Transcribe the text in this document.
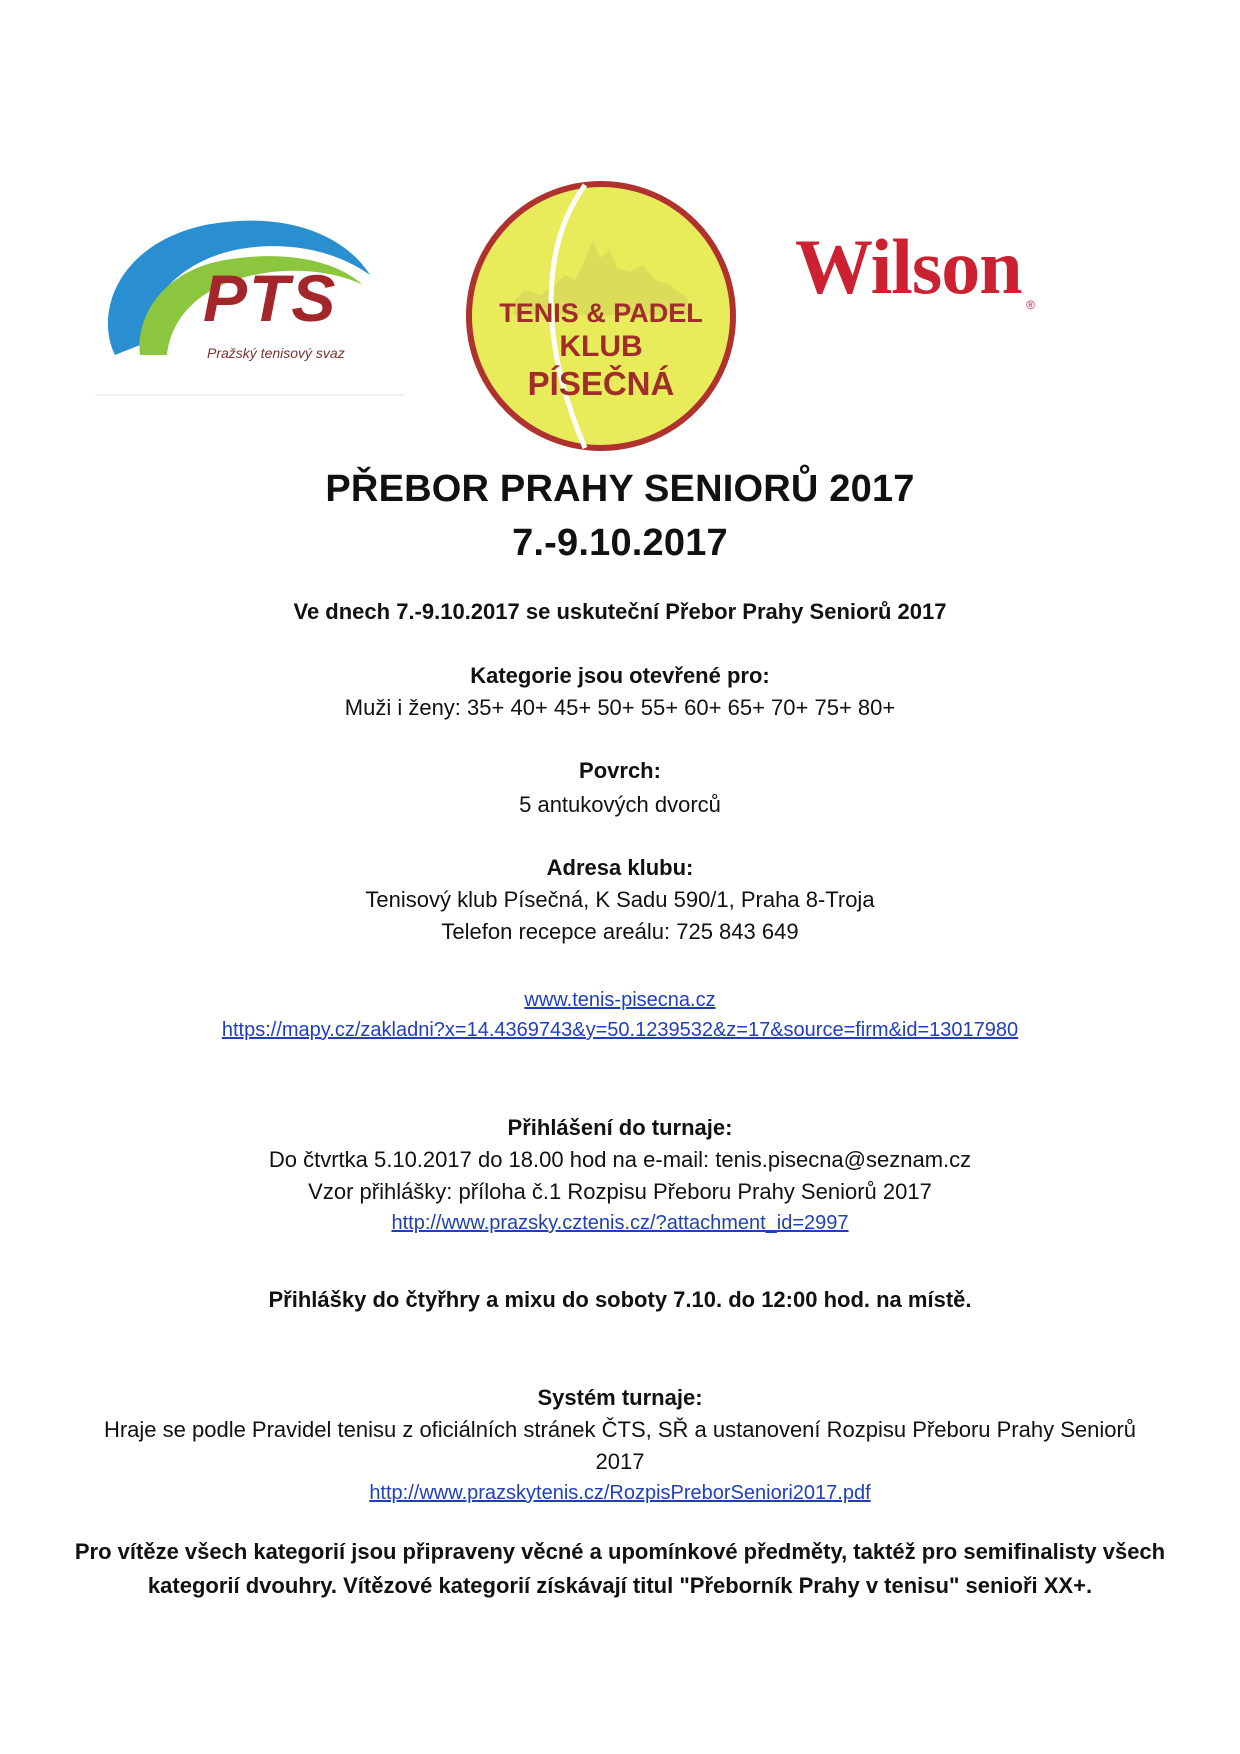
PTS
Pražský tenisový svaz
TENIS & PADEL
KLUB
PÍSEČNÁ
Wilson ®
PŘEBOR PRAHY SENIORŮ 2017
7.-9.10.2017
Ve dnech 7.-9.10.2017 se uskuteční Přebor Prahy Seniorů 2017
Kategorie jsou otevřené pro:
Muži i ženy: 35+ 40+ 45+ 50+ 55+ 60+ 65+ 70+ 75+ 80+
Povrch:
5 antukových dvorců
Adresa klubu:
Tenisový klub Písečná, K Sadu 590/1, Praha 8-Troja
Telefon recepce areálu: 725 843 649
www.tenis-pisecna.cz
https://mapy.cz/zakladni?x=14.4369743&y=50.1239532&z=17&source=firm&id=13017980
Přihlášení do turnaje:
Do čtvrtka 5.10.2017 do 18.00 hod na e-mail: tenis.pisecna@seznam.cz
Vzor přihlášky: příloha č.1 Rozpisu Přeboru Prahy Seniorů 2017
http://www.prazsky.cztenis.cz/?attachment_id=2997
Přihlášky do čtyřhry a mixu do soboty 7.10. do 12:00 hod. na místě.
Systém turnaje:
Hraje se podle Pravidel tenisu z oficiálních stránek ČTS, SŘ a ustanovení Rozpisu Přeboru Prahy Seniorů
2017
http://www.prazskytenis.cz/RozpisPreborSeniori2017.pdf
Pro vítěze všech kategorií jsou připraveny věcné a upomínkové předměty, taktéž pro semifinalisty všech
kategorií dvouhry. Vítězové kategorií získávají titul "Přeborník Prahy v tenisu" senioři XX+.
